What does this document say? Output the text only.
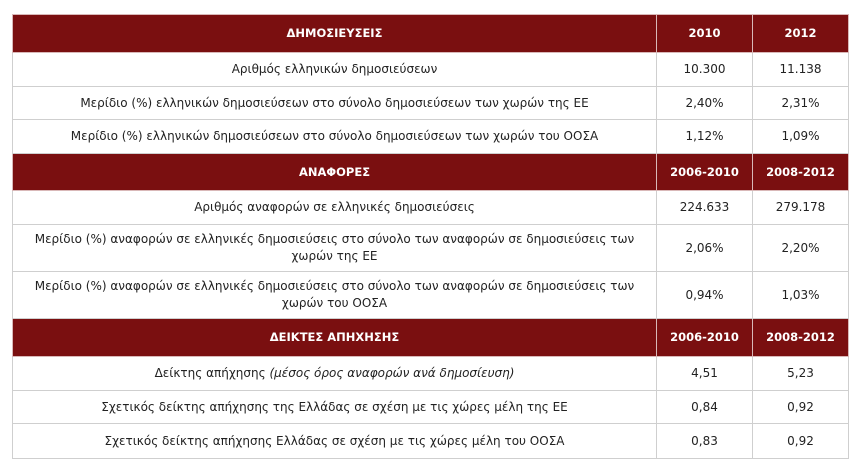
ΔΗΜΟΣΙΕΥΣΕΙΣ	2010	2012
Αριθμός ελληνικών δημοσιεύσεων	10.300	11.138
Μερίδιο (%) ελληνικών δημοσιεύσεων στο σύνολο δημοσιεύσεων των χωρών της ΕΕ	2,40%	2,31%
Μερίδιο (%) ελληνικών δημοσιεύσεων στο σύνολο δημοσιεύσεων των χωρών του ΟΟΣΑ	1,12%	1,09%
ΑΝΑΦΟΡΕΣ	2006-2010	2008-2012
Αριθμός αναφορών σε ελληνικές δημοσιεύσεις	224.633	279.178
Μερίδιο (%) αναφορών σε ελληνικές δημοσιεύσεις στο σύνολο των αναφορών σε δημοσιεύσεις των χωρών της ΕΕ	2,06%	2,20%
Μερίδιο (%) αναφορών σε ελληνικές δημοσιεύσεις στο σύνολο των αναφορών σε δημοσιεύσεις των χωρών του ΟΟΣΑ	0,94%	1,03%
ΔΕΙΚΤΕΣ ΑΠΗΧΗΣΗΣ	2006-2010	2008-2012
Δείκτης απήχησης (μέσος όρος αναφορών ανά δημοσίευση)	4,51	5,23
Σχετικός δείκτης απήχησης της Ελλάδας σε σχέση με τις χώρες μέλη της ΕΕ	0,84	0,92
Σχετικός δείκτης απήχησης Ελλάδας σε σχέση με τις χώρες μέλη του ΟΟΣΑ	0,83	0,92
